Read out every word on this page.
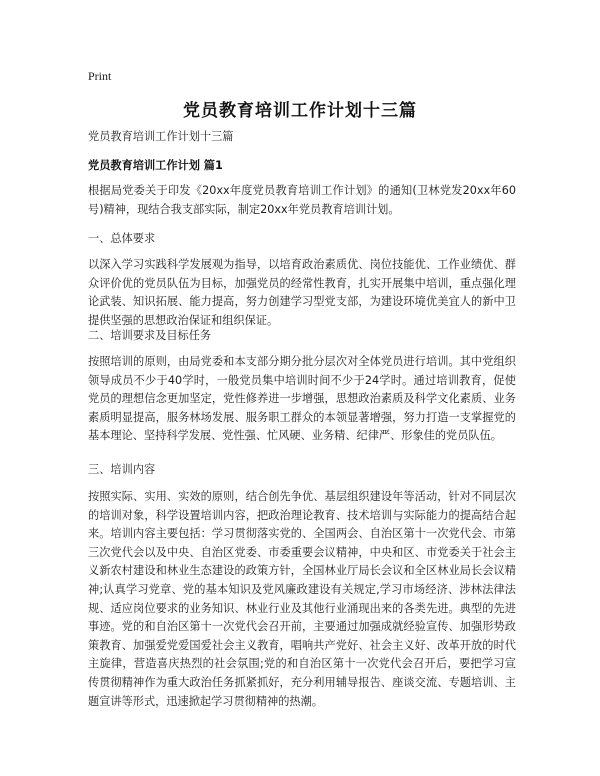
Print
党员教育培训工作计划十三篇
党员教育培训工作计划十三篇
党员教育培训工作计划 篇1
根据局党委关于印发《20xx年度党员教育培训工作计划》的通知(卫林党发20xx年60号)精神，现结合我支部实际，制定20xx年党员教育培训计划。
一、总体要求
以深入学习实践科学发展观为指导，以培育政治素质优、岗位技能优、工作业绩优、群众评价优的党员队伍为目标，加强党员的经常性教育，扎实开展集中培训，重点强化理论武装、知识拓展、能力提高，努力创建学习型党支部，为建设环境优美宜人的新中卫提供坚强的思想政治保证和组织保证。
二、培训要求及目标任务
按照培训的原则，由局党委和本支部分期分批分层次对全体党员进行培训。其中党组织领导成员不少于40学时，一般党员集中培训时间不少于24学时。通过培训教育，促使党员的理想信念更加坚定，党性修养进一步增强，思想政治素质及科学文化素质、业务素质明显提高，服务林场发展、服务职工群众的本领显著增强，努力打造一支掌握党的基本理论、坚持科学发展、党性强、忙风硬、业务精、纪律严、形象佳的党员队伍。
三、培训内容
按照实际、实用、实效的原则，结合创先争优、基层组织建设年等活动，针对不同层次的培训对象，科学设置培训内容，把政治理论教育、技术培训与实际能力的提高结合起来。培训内容主要包括：学习贯彻落实党的、全国两会、自治区第十一次党代会、市第三次党代会以及中央、自治区党委、市委重要会议精神，中央和区、市党委关于社会主义新农村建设和林业生态建设的政策方针，全国林业厅局长会议和全区林业局长会议精神;认真学习党章、党的基本知识及党风廉政建设有关规定,学习市场经济、涉林法律法规、适应岗位要求的业务知识、林业行业及其他行业涌现出来的各类先进。典型的先进事迹。党的和自治区第十一次党代会召开前，主要通过加强成就经验宣传、加强形势政策教育、加强爱党爱国爱社会主义教育，唱响共产党好、社会主义好、改革开放的时代主旋律，营造喜庆热烈的社会氛围;党的和自治区第十一次党代会召开后，要把学习宣传贯彻精神作为重大政治任务抓紧抓好，充分利用辅导报告、座谈交流、专题培训、主题宣讲等形式，迅速掀起学习贯彻精神的热潮。
